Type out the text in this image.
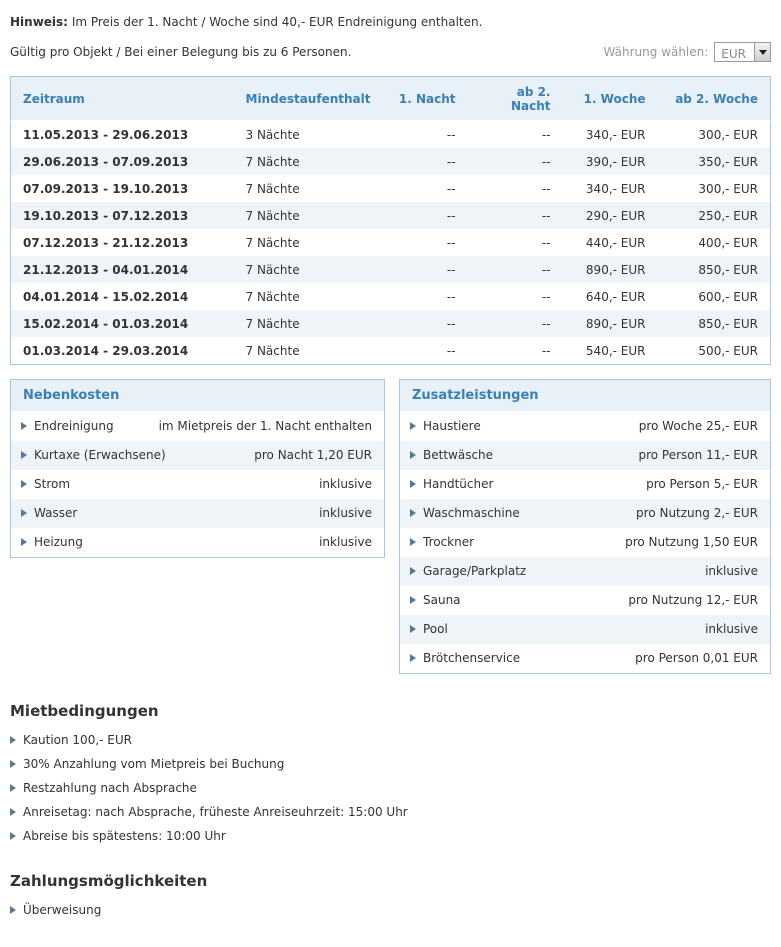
Hinweis: Im Preis der 1. Nacht / Woche sind 40,- EUR Endreinigung enthalten.

Gültig pro Objekt / Bei einer Belegung bis zu 6 Personen.	Währung wählen:	EUR
Zeitraum	Mindestaufenthalt	1. Nacht	ab 2. Nacht	1. Woche	ab 2. Woche
11.05.2013 - 29.06.2013	3 Nächte	--	--	340,- EUR	300,- EUR
29.06.2013 - 07.09.2013	7 Nächte	--	--	390,- EUR	350,- EUR
07.09.2013 - 19.10.2013	7 Nächte	--	--	340,- EUR	300,- EUR
19.10.2013 - 07.12.2013	7 Nächte	--	--	290,- EUR	250,- EUR
07.12.2013 - 21.12.2013	7 Nächte	--	--	440,- EUR	400,- EUR
21.12.2013 - 04.01.2014	7 Nächte	--	--	890,- EUR	850,- EUR
04.01.2014 - 15.02.2014	7 Nächte	--	--	640,- EUR	600,- EUR
15.02.2014 - 01.03.2014	7 Nächte	--	--	890,- EUR	850,- EUR
01.03.2014 - 29.03.2014	7 Nächte	--	--	540,- EUR	500,- EUR
Nebenkosten
Endreinigung	im Mietpreis der 1. Nacht enthalten
Kurtaxe (Erwachsene)	pro Nacht 1,20 EUR
Strom	inklusive
Wasser	inklusive
Heizung	inklusive
Zusatzleistungen
Haustiere	pro Woche 25,- EUR
Bettwäsche	pro Person 11,- EUR
Handtücher	pro Person 5,- EUR
Waschmaschine	pro Nutzung 2,- EUR
Trockner	pro Nutzung 1,50 EUR
Garage/Parkplatz	inklusive
Sauna	pro Nutzung 12,- EUR
Pool	inklusive
Brötchenservice	pro Person 0,01 EUR
Mietbedingungen
Kaution 100,- EUR
30% Anzahlung vom Mietpreis bei Buchung
Restzahlung nach Absprache
Anreisetag: nach Absprache, früheste Anreiseuhrzeit: 15:00 Uhr
Abreise bis spätestens: 10:00 Uhr
Zahlungsmöglichkeiten
Überweisung
